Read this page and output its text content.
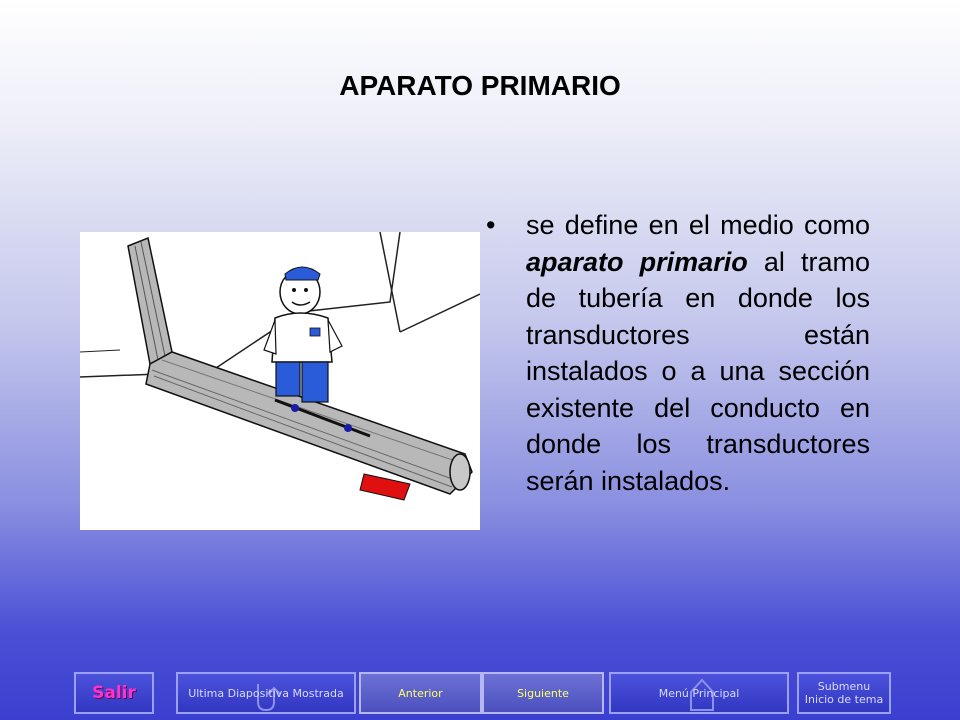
APARATO PRIMARIO
• se define en el medio como aparato primario al tramo de tubería en donde los transductores están instalados o a una sección existente del conducto en donde los transductores serán instalados.
Salir	Ultima Diapositiva Mostrada	Anterior	Siguiente	Menú Principal	Submenu
Inicio de tema
